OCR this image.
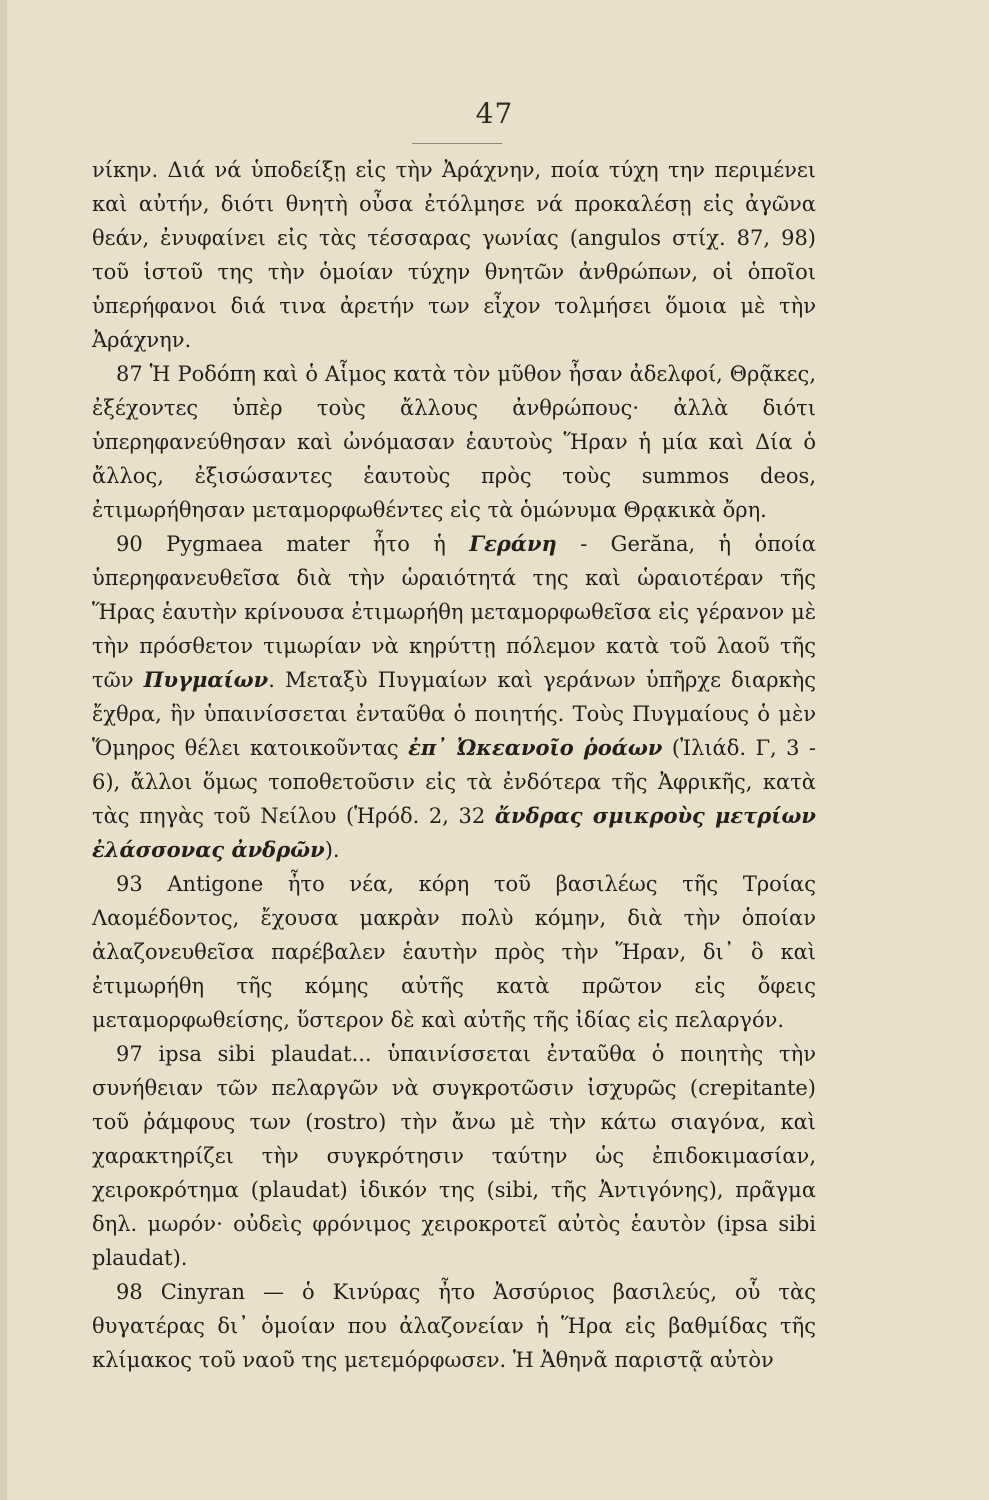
47

νίκην. Διά νά ὑποδείξῃ εἰς τὴν Ἀράχνην, ποία τύχη την περιμένει καὶ αὐτήν, διότι θνητὴ οὖσα ἐτόλμησε νά προκαλέσῃ εἰς ἀγῶνα θεάν, ἐνυφαίνει εἰς τὰς τέσσαρας γωνίας (angulos στίχ. 87, 98) τοῦ ἱστοῦ της τὴν ὁμοίαν τύχην θνητῶν ἀνθρώπων, οἱ ὁποῖοι ὑπερήφανοι διά τινα ἀρετήν των εἶχον τολμήσει ὅμοια μὲ τὴν Ἀράχνην.

87 Ἡ Ροδόπη καὶ ὁ Αἷμος κατὰ τὸν μῦθον ἦσαν ἀδελφοί, Θρᾷκες, ἐξέχοντες ὑπὲρ τοὺς ἄλλους ἀνθρώπους· ἀλλὰ διότι ὑπερηφανεύθησαν καὶ ὠνόμασαν ἑαυτοὺς Ἥραν ἡ μία καὶ Δία ὁ ἄλλος, ἐξισώσαντες ἑαυτοὺς πρὸς τοὺς summos deos, ἐτιμωρήθησαν μεταμορφωθέντες εἰς τὰ ὁμώνυμα Θρᾳκικὰ ὄρη.

90 Pygmaea mater ἦτο ἡ Γεράνη - Gerăna, ἡ ὁποία ὑπερηφανευθεῖσα διὰ τὴν ὡραιότητά της καὶ ὡραιοτέραν τῆς Ἥρας ἑαυτὴν κρίνουσα ἐτιμωρήθη μεταμορφωθεῖσα εἰς γέρανον μὲ τὴν πρόσθετον τιμωρίαν νὰ κηρύττῃ πόλεμον κατὰ τοῦ λαοῦ τῆς τῶν Πυγμαίων. Μεταξὺ Πυγμαίων καὶ γεράνων ὑπῆρχε διαρκὴς ἔχθρα, ἣν ὑπαινίσσεται ἐνταῦθα ὁ ποιητής. Τοὺς Πυγμαίους ὁ μὲν Ὅμηρος θέλει κατοικοῦντας ἐπ᾽ Ὠκεανοῖο ῥοάων (Ἰλιάδ. Γ, 3 - 6), ἄλλοι ὅμως τοποθετοῦσιν εἰς τὰ ἐνδότερα τῆς Ἀφρικῆς, κατὰ τὰς πηγὰς τοῦ Νείλου (Ἡρόδ. 2, 32 ἄνδρας σμικροὺς μετρίων ἐλάσσονας ἀνδρῶν).

93 Antigone ἦτο νέα, κόρη τοῦ βασιλέως τῆς Τροίας Λαομέδοντος, ἔχουσα μακρὰν πολὺ κόμην, διὰ τὴν ὁποίαν ἀλαζονευθεῖσα παρέβαλεν ἑαυτὴν πρὸς τὴν Ἥραν, δι᾽ ὃ καὶ ἐτιμωρήθη τῆς κόμης αὐτῆς κατὰ πρῶτον εἰς ὄφεις μεταμορφωθείσης, ὕστερον δὲ καὶ αὐτῆς τῆς ἰδίας εἰς πελαργόν.

97 ipsa sibi plaudat... ὑπαινίσσεται ἐνταῦθα ὁ ποιητὴς τὴν συνήθειαν τῶν πελαργῶν νὰ συγκροτῶσιν ἰσχυρῶς (crepitante) τοῦ ῥάμφους των (rostro) τὴν ἄνω μὲ τὴν κάτω σιαγόνα, καὶ χαρακτηρίζει τὴν συγκρότησιν ταύτην ὡς ἐπιδοκιμασίαν, χειροκρότημα (plaudat) ἰδικόν της (sibi, τῆς Ἀντιγόνης), πρᾶγμα δηλ. μωρόν· οὐδεὶς φρόνιμος χειροκροτεῖ αὐτὸς ἑαυτὸν (ipsa sibi plaudat).

98 Cinyran — ὁ Κινύρας ἦτο Ἀσσύριος βασιλεύς, οὗ τὰς θυγατέρας δι᾽ ὁμοίαν που ἀλαζονείαν ἡ Ἥρα εἰς βαθμίδας τῆς κλίμακος τοῦ ναοῦ της μετεμόρφωσεν. Ἡ Ἀθηνᾶ παριστᾷ αὐτὸν
